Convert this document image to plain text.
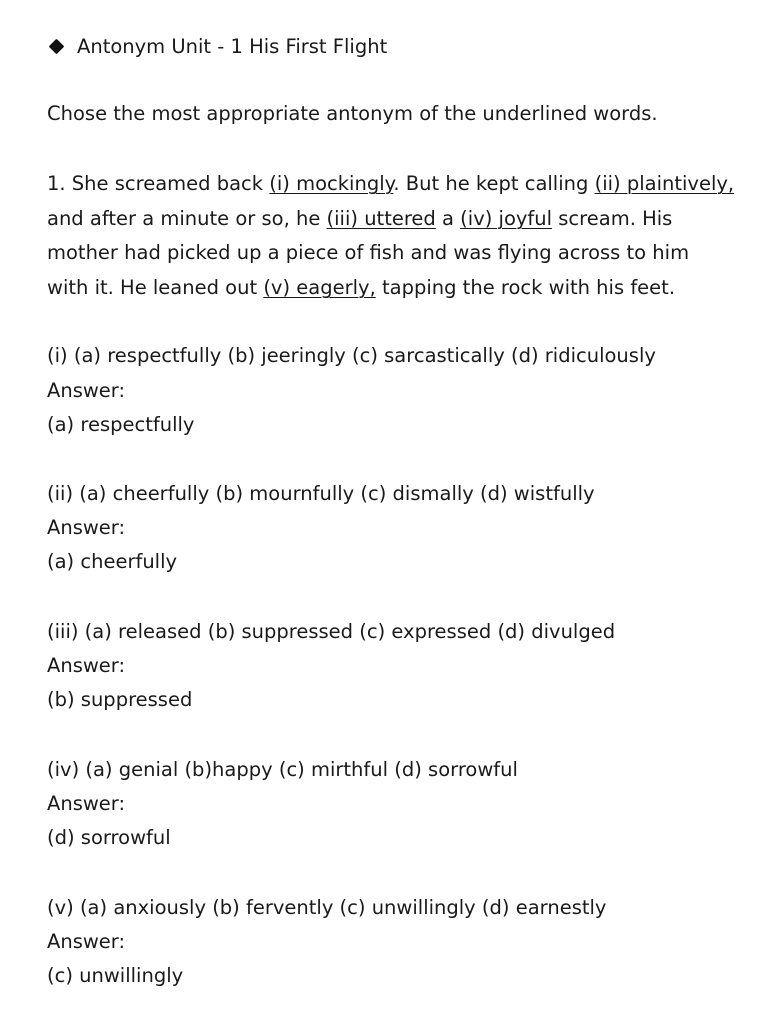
Antonym Unit - 1 His First Flight
Chose the most appropriate antonym of the underlined words.
1. She screamed back (i) mockingly. But he kept calling (ii) plaintively,
and after a minute or so, he (iii) uttered a (iv) joyful scream. His
mother had picked up a piece of fish and was flying across to him
with it. He leaned out (v) eagerly, tapping the rock with his feet.
(i) (a) respectfully (b) jeeringly (c) sarcastically (d) ridiculously
Answer:
(a) respectfully
(ii) (a) cheerfully (b) mournfully (c) dismally (d) wistfully
Answer:
(a) cheerfully
(iii) (a) released (b) suppressed (c) expressed (d) divulged
Answer:
(b) suppressed
(iv) (a) genial (b)happy (c) mirthful (d) sorrowful
Answer:
(d) sorrowful
(v) (a) anxiously (b) fervently (c) unwillingly (d) earnestly
Answer:
(c) unwillingly
